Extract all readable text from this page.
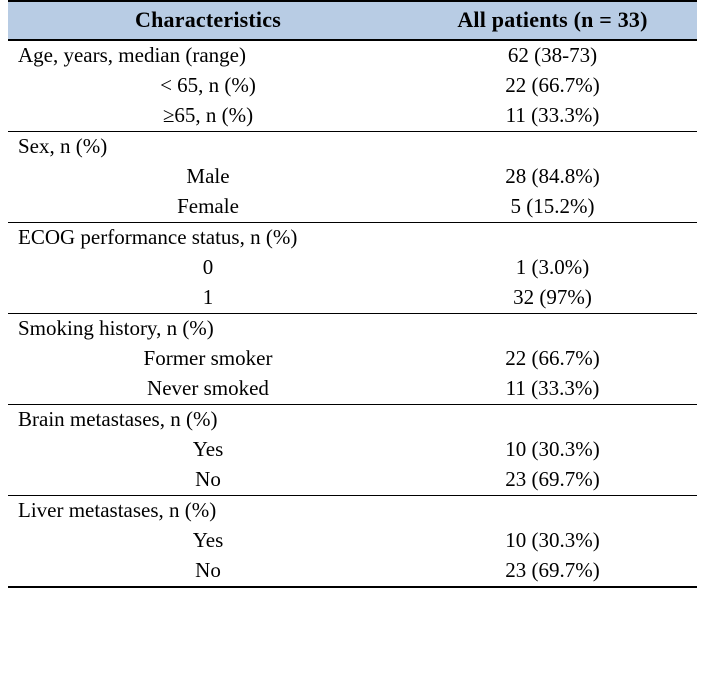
Characteristics	All patients (n = 33)
Age, years, median (range)	62 (38-73)
< 65, n (%)	22 (66.7%)
≥65, n (%)	11 (33.3%)
Sex, n (%)	
Male	28 (84.8%)
Female	5 (15.2%)
ECOG performance status, n (%)	
0	1 (3.0%)
1	32 (97%)
Smoking history, n (%)	
Former smoker	22 (66.7%)
Never smoked	11 (33.3%)
Brain metastases, n (%)	
Yes	10 (30.3%)
No	23 (69.7%)
Liver metastases, n (%)	
Yes	10 (30.3%)
No	23 (69.7%)
